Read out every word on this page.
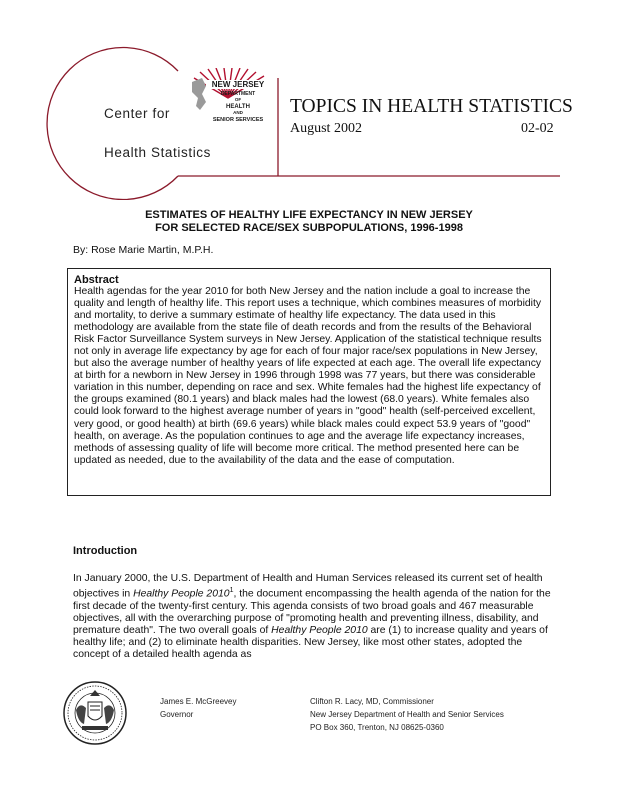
NEW JERSEY
DEPARTMENT
OF
HEALTH
AND
SENIOR SERVICES
Center for
Health Statistics
TOPICS IN HEALTH STATISTICS
August 2002	02-02
ESTIMATES OF HEALTHY LIFE EXPECTANCY IN NEW JERSEY
FOR SELECTED RACE/SEX SUBPOPULATIONS, 1996-1998
By: Rose Marie Martin, M.P.H.
Abstract

Health agendas for the year 2010 for both New Jersey and the nation include a goal to increase the quality and length of healthy life. This report uses a technique, which combines measures of morbidity and mortality, to derive a summary estimate of healthy life expectancy. The data used in this methodology are available from the state file of death records and from the results of the Behavioral Risk Factor Surveillance System surveys in New Jersey. Application of the statistical technique results not only in average life expectancy by age for each of four major race/sex populations in New Jersey, but also the average number of healthy years of life expected at each age. The overall life expectancy at birth for a newborn in New Jersey in 1996 through 1998 was 77 years, but there was considerable variation in this number, depending on race and sex. White females had the highest life expectancy of the groups examined (80.1 years) and black males had the lowest (68.0 years). White females also could look forward to the highest average number of years in "good" health (self-perceived excellent, very good, or good health) at birth (69.6 years) while black males could expect 53.9 years of "good" health, on average. As the population continues to age and the average life expectancy increases, methods of assessing quality of life will become more critical. The method presented here can be updated as needed, due to the availability of the data and the ease of computation.

Introduction

In January 2000, the U.S. Department of Health and Human Services released its current set of health objectives in Healthy People 2010$^1$, the document encompassing the health agenda of the nation for the first decade of the twenty-first century. This agenda consists of two broad goals and 467 measurable objectives, all with the overarching purpose of "promoting health and preventing illness, disability, and premature death". The two overall goals of Healthy People 2010 are (1) to increase quality and years of healthy life; and (2) to eliminate health disparities. New Jersey, like most other states, adopted the concept of a detailed health agenda as

James E. McGreevey
Governor
Clifton R. Lacy, MD, Commissioner
New Jersey Department of Health and Senior Services
PO Box 360, Trenton, NJ 08625-0360
